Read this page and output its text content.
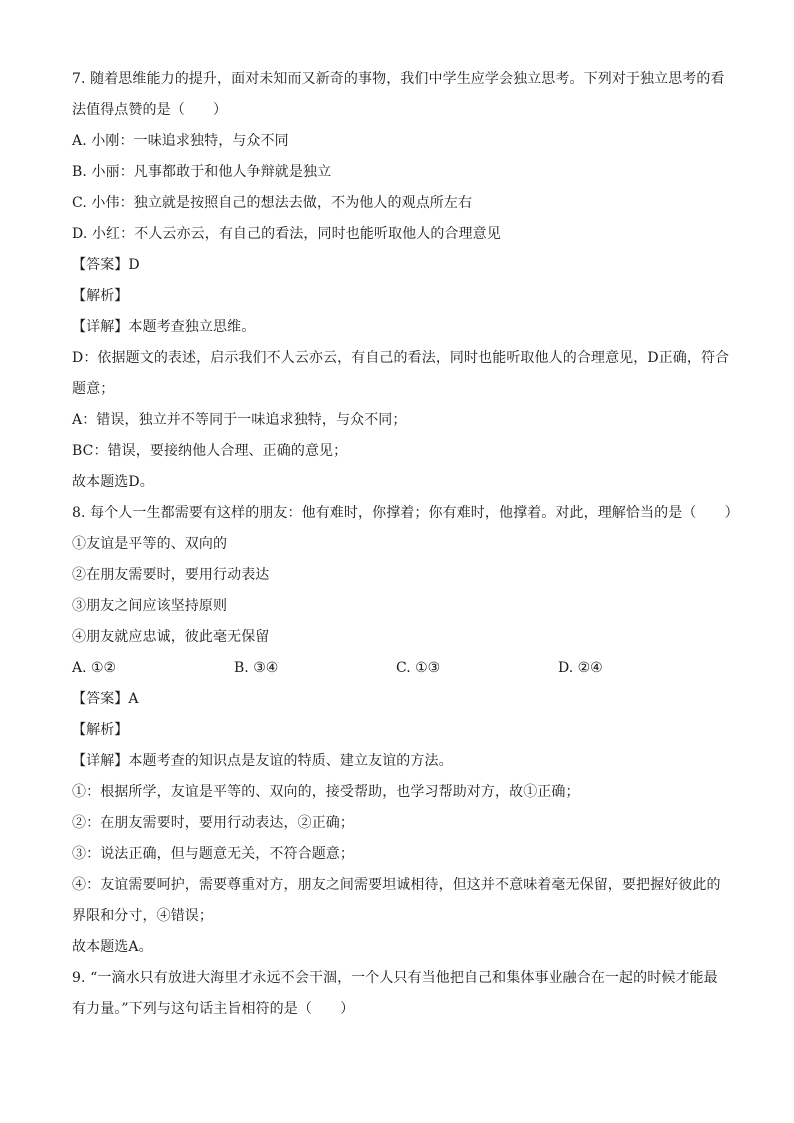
7. 随着思维能力的提升，面对未知而又新奇的事物，我们中学生应学会独立思考。下列对于独立思考的看
法值得点赞的是（　　）
A. 小刚：一味追求独特，与众不同
B. 小丽：凡事都敢于和他人争辩就是独立
C. 小伟：独立就是按照自己的想法去做，不为他人的观点所左右
D. 小红：不人云亦云，有自己的看法，同时也能听取他人的合理意见
【答案】D
【解析】
【详解】本题考查独立思维。
D：依据题文的表述，启示我们不人云亦云，有自己的看法，同时也能听取他人的合理意见，D正确，符合
题意；
A：错误，独立并不等同于一味追求独特，与众不同；
BC：错误，要接纳他人合理、正确的意见；
故本题选D。
8. 每个人一生都需要有这样的朋友：他有难时，你撑着；你有难时，他撑着。对此，理解恰当的是（　　）
①友谊是平等的、双向的
②在朋友需要时，要用行动表达
③朋友之间应该坚持原则
④朋友就应忠诚，彼此毫无保留
A. ①②	B. ③④	C. ①③	D. ②④
【答案】A
【解析】
【详解】本题考查的知识点是友谊的特质、建立友谊的方法。
①：根据所学，友谊是平等的、双向的，接受帮助，也学习帮助对方，故①正确；
②：在朋友需要时，要用行动表达，②正确；
③：说法正确，但与题意无关，不符合题意；
④：友谊需要呵护，需要尊重对方，朋友之间需要坦诚相待，但这并不意味着毫无保留，要把握好彼此的
界限和分寸，④错误；
故本题选A。
9. “一滴水只有放进大海里才永远不会干涸，一个人只有当他把自己和集体事业融合在一起的时候才能最
有力量。”下列与这句话主旨相符的是（　　）
